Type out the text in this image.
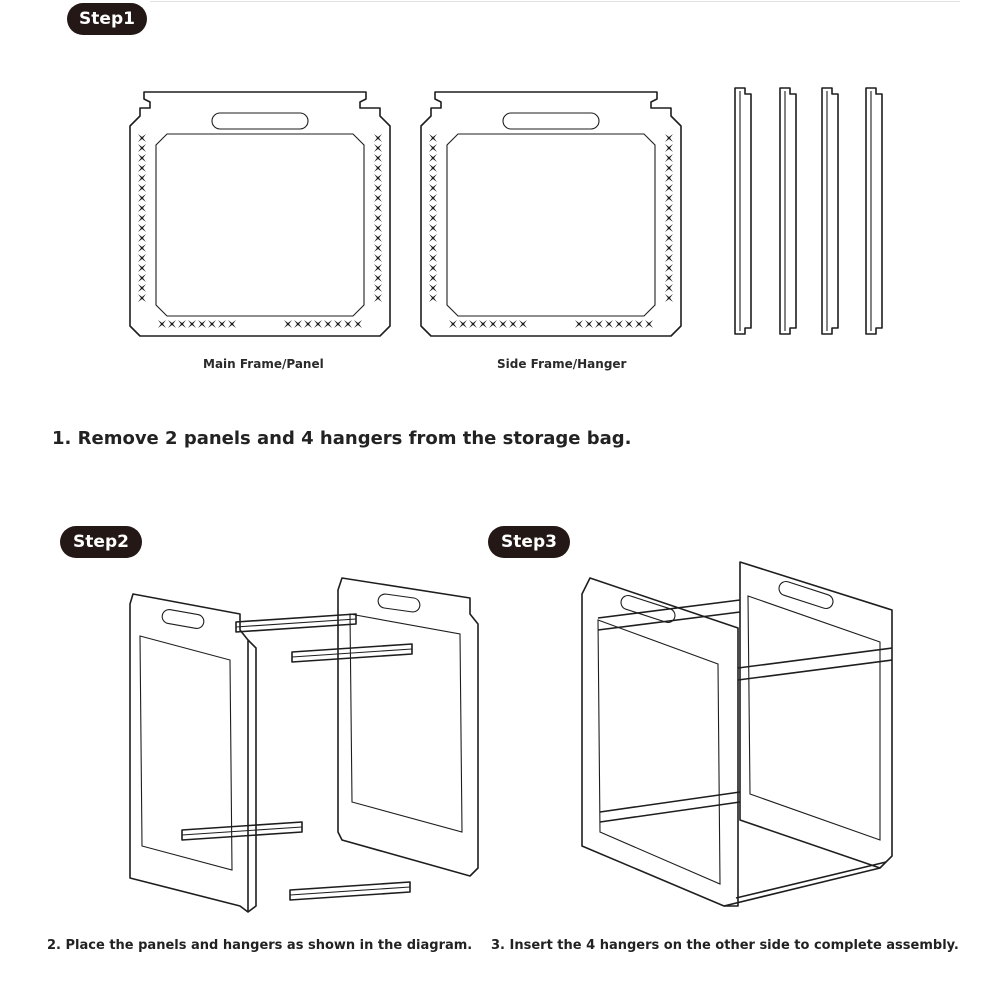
Step1
Step2	Step3
Main Frame/Panel	Side Frame/Hanger
1. Remove 2 panels and 4 hangers from the storage bag.
2. Place the panels and hangers as shown in the diagram. 3. Insert the 4 hangers on the other side to complete assembly.
